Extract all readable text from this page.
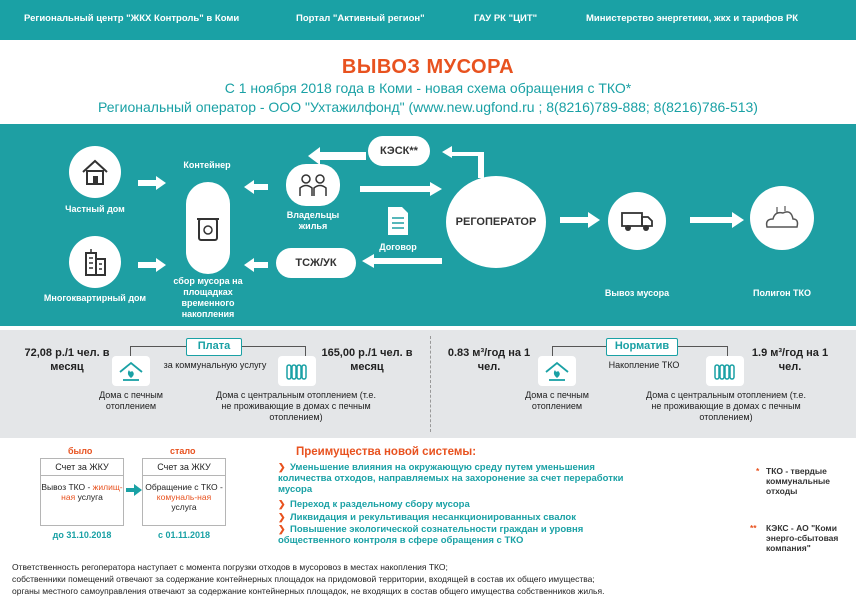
Региональный центр "ЖКХ Контроль" в Коми	Портал "Активный регион"	ГАУ РК "ЦИТ"	Министерство энергетики, жкх и тарифов РК
ВЫВОЗ МУСОРА
С 1 ноября 2018 года в Коми - новая схема обращения с ТКО*
Региональный оператор - ООО "Ухтажилфонд" (www.new.ugfond.ru ; 8(8216)789-888; 8(8216)786-513)
Частный дом
Многоквартирный дом
Контейнер
сбор мусора на площадках временного накопления
Владельцы жилья
КЭСК**
Договор
ТСЖ/УК
РЕГОПЕРАТОР
Вывоз мусора	Полигон ТКО
Плата
72,08 р./1 чел. в месяц	за коммунальную услугу
165,00 р./1 чел. в месяц
Дома с печным отоплением
Дома с центральным отоплением (т.е. не проживающие в домах с печным отоплением)
Норматив
0.83 м³/год на 1 чел.	Накопление ТКО
1.9 м³/год на 1 чел.
Дома с печным отоплением
Дома с центральным отоплением (т.е. не проживающие в домах с печным отоплением)
было	стало
Счет за ЖКУ
Вывоз ТКО - жилищ-ная услуга
Счет за ЖКУ
Обращение с ТКО - комуналь-ная услуга
до 31.10.2018	с 01.11.2018
Преимущества новой системы:
❯ Уменьшение влияния на окружающую среду путем уменьшения количества отходов, направляемых на захоронение за счет переработки мусора
❯ Переход к раздельному сбору мусора
❯ Ликвидация и рекультивация несанкционированных свалок
❯ Повышение экологической сознательности граждан и уровня общественного контроля в сфере обращения с ТКО
* ТКО - твердые коммунальные отходы
** КЭКС - АО "Коми энерго-сбытовая компания"
Ответственность регоператора наступает с момента погрузки отходов в мусоровоз в местах накопления ТКО;
собственники помещений отвечают за содержание контейнерных площадок на придомовой территории, входящей в состав их общего имущества;
органы местного самоуправления отвечают за содержание контейнерных площадок, не входящих в состав общего имущества собственников жилья.
